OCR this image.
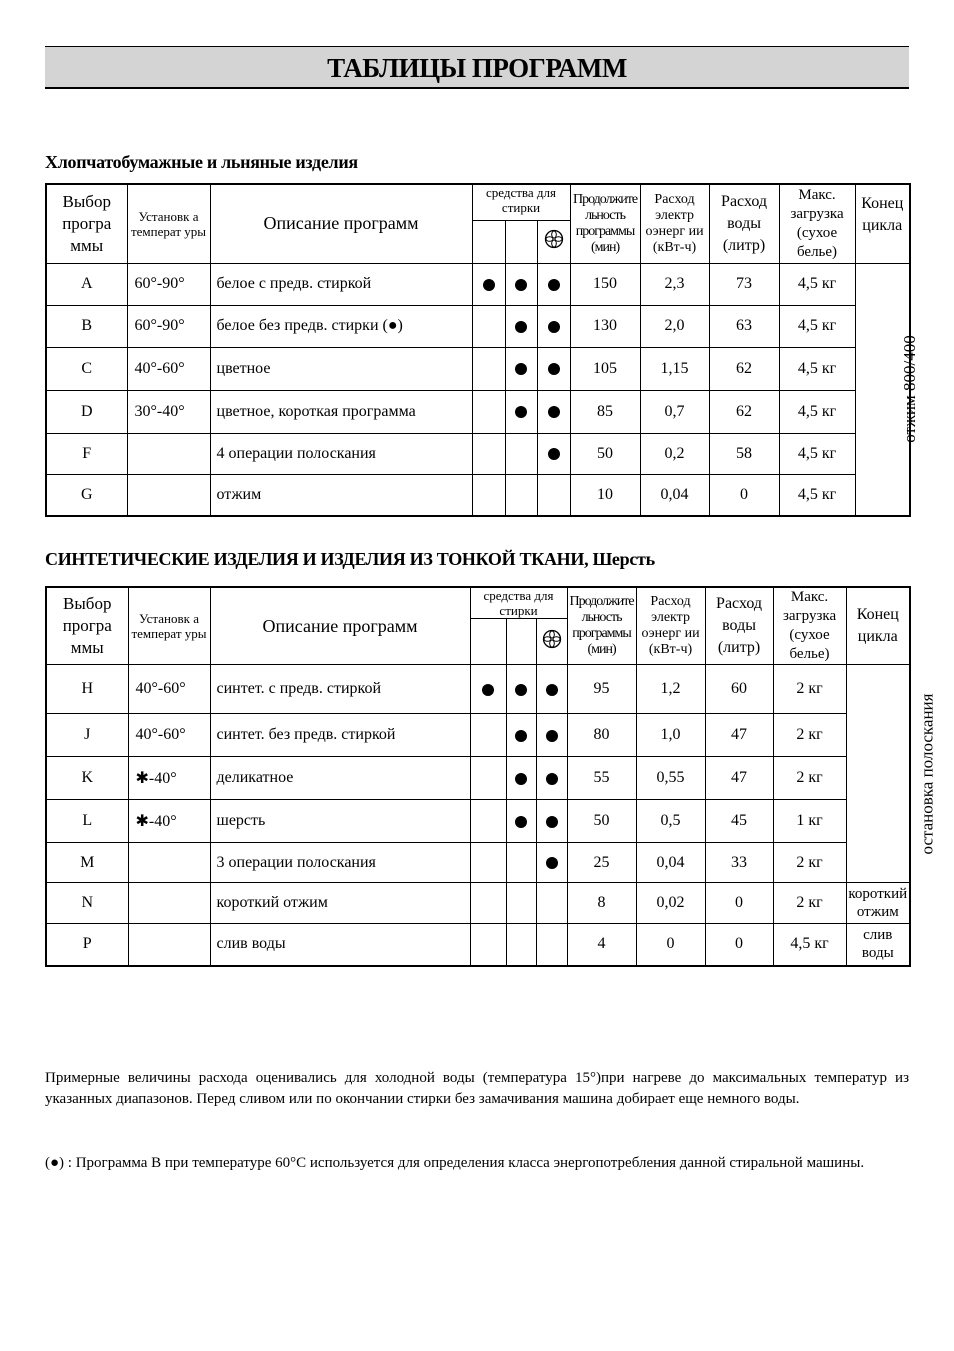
ТАБЛИЦЫ ПРОГРАММ
Хлопчатобумажные и льняные изделия
Выбор програ ммы	Установк а температ уры	Описание программ	средства для стирки			Продолжите льность программы (мин)	Расход электр оэнерг ии (кВт-ч)	Расход воды (литр)	Макс. загрузка (сухое белье)	Конец цикла

A	60°-90°	белое с предв. стиркой				150	2,3	73	4,5 кг	отжим 800/400
B	60°-90°	белое без предв. стирки (●)				130	2,0	63	4,5 кг	
C	40°-60°	цветное				105	1,15	62	4,5 кг	
D	30°-40°	цветное, короткая программа				85	0,7	62	4,5 кг	
F		4 операции полоскания				50	0,2	58	4,5 кг	
G		отжим				10	0,04	0	4,5 кг	
Выбор програ ммы	Установк а температ уры	Описание программ	средства для стирки			Продолжите льность программы (мин)	Расход электр оэнерг ии (кВт-ч)	Расход воды (литр)	Макс. загрузка (сухое белье)	Конец цикла

H	40°-60°	синтет. с предв. стиркой				95	1,2	60	2 кг	остановка полоскания
J	40°-60°	синтет. без предв. стиркой				80	1,0	47	2 кг	
K	✱-40°	деликатное				55	0,55	47	2 кг	
L	✱-40°	шерсть				50	0,5	45	1 кг	
M		3 операции полоскания				25	0,04	33	2 кг	
N		короткий отжим				8	0,02	0	2 кг	короткий отжим
P		слив воды				4	0	0	4,5 кг	слив воды
СИНТЕТИЧЕСКИЕ ИЗДЕЛИЯ И ИЗДЕЛИЯ ИЗ ТОНКОЙ ТКАНИ, Шерсть
Примерные величины расхода оценивались для холодной воды (температура 15°)при нагреве до максимальных температур из указанных диапазонов. Перед сливом или по окончании стирки без замачивания машина добирает еще немного воды.
(●) : Программа B при температуре 60°C используется для определения класса энергопотребления данной стиральной машины.
